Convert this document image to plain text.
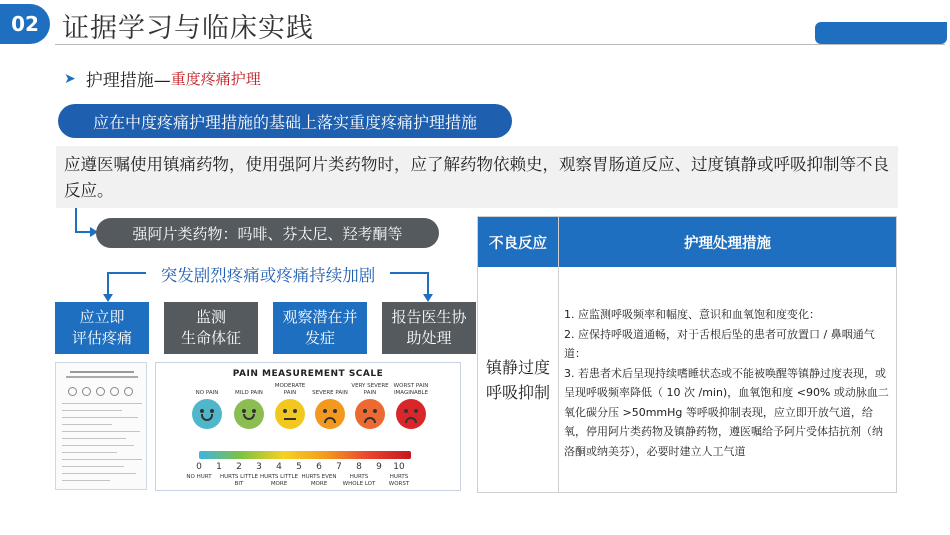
02 证据学习与临床实践
➤ 护理措施— 重度疼痛护理
应在中度疼痛护理措施的基础上落实重度疼痛护理措施
应遵医嘱使用镇痛药物，使用强阿片类药物时，应了解药物依赖史，观察胃肠道反应、过度镇静或呼吸抑制等不良反应。
强阿片类药物：吗啡、芬太尼、羟考酮等
突发剧烈疼痛或疼痛持续加剧
应立即
评估疼痛
监测
生命体征
观察潜在并
发症
报告医生协
助处理
PAIN MEASUREMENT SCALE
NO PAIN	MILD PAIN
MODERATE PAIN	SEVERE PAIN
VERY SEVERE PAIN
WORST PAIN IMAGINABLE
0	1	2	3	4	5	6	7	8	9	10
NO HURT	HURTS LITTLE BIT
HURTS LITTLE MORE
HURTS EVEN MORE
HURTS WHOLE LOT
HURTS WORST
不良反应	护理处理措施
镇静过度
呼吸抑制
1. 应监测呼吸频率和幅度、意识和血氧饱和度变化：
2. 应保持呼吸道通畅，对于舌根后坠的患者可放置口 / 鼻咽通气道：
3. 若患者术后呈现持续嗜睡状态或不能被唤醒等镇静过度表现，或呈现呼吸频率降低（ 10 次 /min)，血氧饱和度 <90% 或动脉血二氧化碳分压 >50mmHg 等呼吸抑制表现，应立即开放气道，给氧，停用阿片类药物及镇静药物，遵医嘱给予阿片受体拮抗剂（纳洛酮或纳美芬），必要时建立人工气道
